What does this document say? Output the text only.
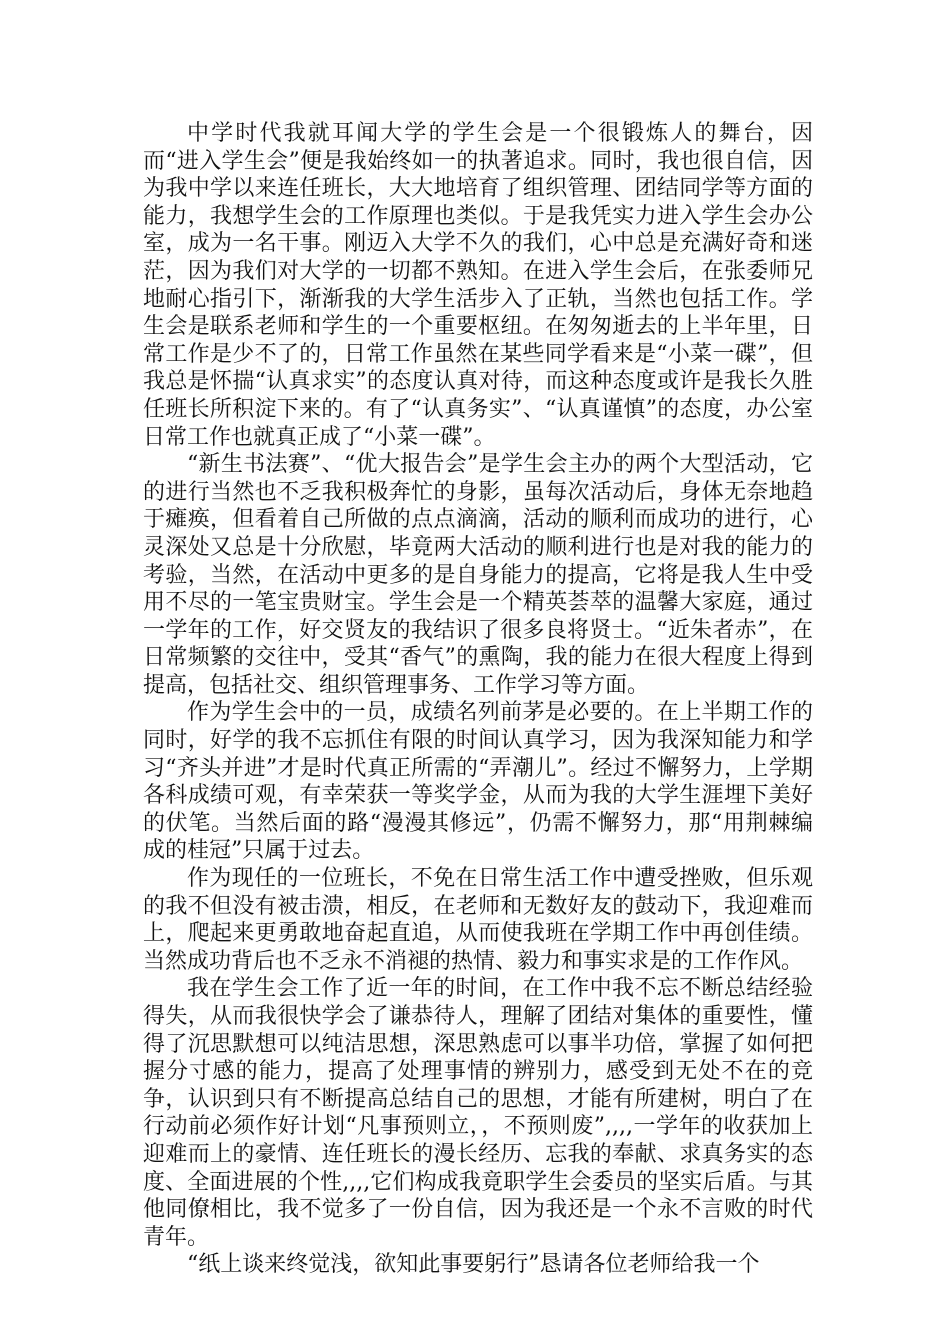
中学时代我就耳闻大学的学生会是一个很锻炼人的舞台，因而“进入学生会”便是我始终如一的执著追求。同时，我也很自信，因为我中学以来连任班长，大大地培育了组织管理、团结同学等方面的能力，我想学生会的工作原理也类似。于是我凭实力进入学生会办公室，成为一名干事。刚迈入大学不久的我们，心中总是充满好奇和迷茫，因为我们对大学的一切都不熟知。在进入学生会后，在张委师兄地耐心指引下，渐渐我的大学生活步入了正轨，当然也包括工作。学生会是联系老师和学生的一个重要枢纽。在匆匆逝去的上半年里，日常工作是少不了的，日常工作虽然在某些同学看来是“小菜一碟”，但我总是怀揣“认真求实”的态度认真对待，而这种态度或许是我长久胜任班长所积淀下来的。有了“认真务实”、“认真谨慎”的态度，办公室日常工作也就真正成了“小菜一碟”。

“新生书法赛”、“优大报告会”是学生会主办的两个大型活动，它的进行当然也不乏我积极奔忙的身影，虽每次活动后，身体无奈地趋于瘫痪，但看着自己所做的点点滴滴，活动的顺利而成功的进行，心灵深处又总是十分欣慰，毕竟两大活动的顺利进行也是对我的能力的考验，当然，在活动中更多的是自身能力的提高，它将是我人生中受用不尽的一笔宝贵财宝。学生会是一个精英荟萃的温馨大家庭，通过一学年的工作，好交贤友的我结识了很多良将贤士。“近朱者赤”，在日常频繁的交往中，受其“香气”的熏陶，我的能力在很大程度上得到提高，包括社交、组织管理事务、工作学习等方面。

作为学生会中的一员，成绩名列前茅是必要的。在上半期工作的同时，好学的我不忘抓住有限的时间认真学习，因为我深知能力和学习“齐头并进”才是时代真正所需的“弄潮儿”。经过不懈努力，上学期各科成绩可观，有幸荣获一等奖学金，从而为我的大学生涯埋下美好的伏笔。当然后面的路“漫漫其修远”，仍需不懈努力，那“用荆棘编成的桂冠”只属于过去。

作为现任的一位班长，不免在日常生活工作中遭受挫败，但乐观的我不但没有被击溃，相反，在老师和无数好友的鼓动下，我迎难而上，爬起来更勇敢地奋起直追，从而使我班在学期工作中再创佳绩。当然成功背后也不乏永不消褪的热情、毅力和事实求是的工作作风。

我在学生会工作了近一年的时间，在工作中我不忘不断总结经验得失，从而我很快学会了谦恭待人，理解了团结对集体的重要性，懂得了沉思默想可以纯洁思想，深思熟虑可以事半功倍，掌握了如何把握分寸感的能力，提高了处理事情的辨别力，感受到无处不在的竞争，认识到只有不断提高总结自己的思想，才能有所建树，明白了在行动前必须作好计划“凡事预则立，，不预则废”,,,,一学年的收获加上迎难而上的豪情、连任班长的漫长经历、忘我的奉献、求真务实的态度、全面进展的个性,,,,它们构成我竟职学生会委员的坚实后盾。与其他同僚相比，我不觉多了一份自信，因为我还是一个永不言败的时代青年。

“纸上谈来终觉浅，欲知此事要躬行”恳请各位老师给我一个
